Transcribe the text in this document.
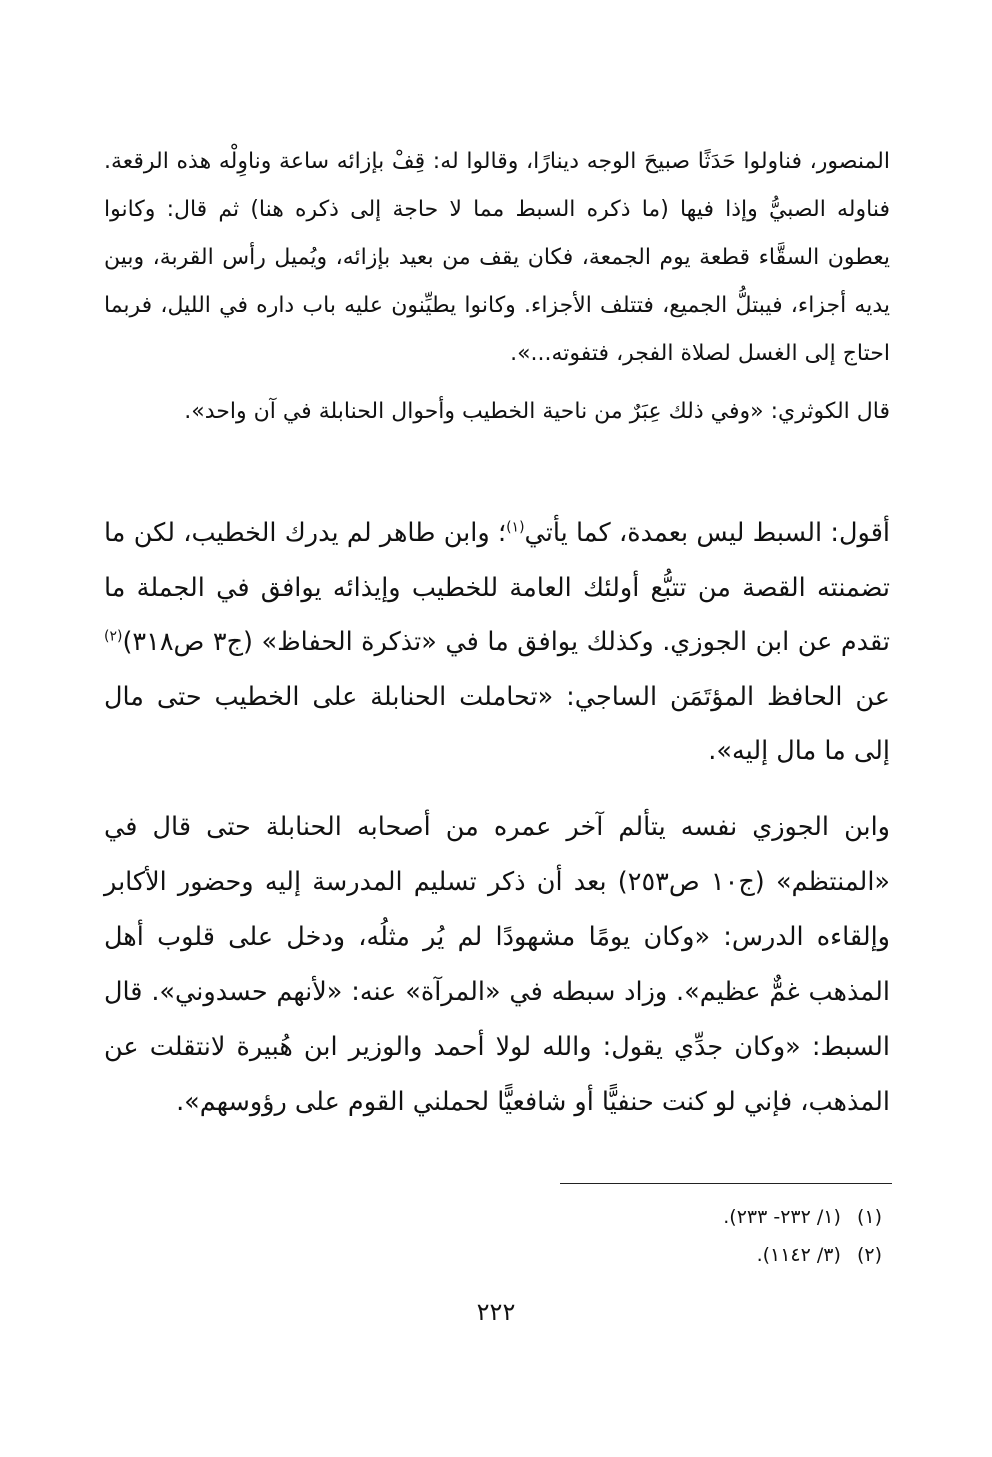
المنصور، فناولوا حَدَثًا صبيحَ الوجه دينارًا، وقالوا له: قِفْ بإزائه ساعة وناوِلْه هذه الرقعة. فناوله الصبيُّ وإذا فيها (ما ذكره السبط مما لا حاجة إلى ذكره هنا) ثم قال: وكانوا يعطون السقَّاء قطعة يوم الجمعة، فكان يقف من بعيد بإزائه، ويُميل رأس القربة، وبين يديه أجزاء، فيبتلُّ الجميع، فتتلف الأجزاء. وكانوا يطيِّنون عليه باب داره في الليل، فربما احتاج إلى الغسل لصلاة الفجر، فتفوته...».

قال الكوثري: «وفي ذلك عِبَرٌ من ناحية الخطيب وأحوال الحنابلة في آن واحد».

أقول: السبط ليس بعمدة، كما يأتي$^{(١)}$؛ وابن طاهر لم يدرك الخطيب، لكن ما تضمنته القصة من تتبُّع أولئك العامة للخطيب وإيذائه يوافق في الجملة ما تقدم عن ابن الجوزي. وكذلك يوافق ما في «تذكرة الحفاظ» (ج٣ ص٣١٨)$^{(٢)}$ عن الحافظ المؤتَمَن الساجي: «تحاملت الحنابلة على الخطيب حتى مال إلى ما مال إليه».

وابن الجوزي نفسه يتألم آخر عمره من أصحابه الحنابلة حتى قال في «المنتظم» (ج١٠ ص٢٥٣) بعد أن ذكر تسليم المدرسة إليه وحضور الأكابر وإلقاءه الدرس: «وكان يومًا مشهودًا لم يُر مثلُه، ودخل على قلوب أهل المذهب غمٌّ عظيم». وزاد سبطه في «المرآة» عنه: «لأنهم حسدوني». قال السبط: «وكان جدِّي يقول: والله لولا أحمد والوزير ابن هُبيرة لانتقلت عن المذهب، فإني لو كنت حنفيًّا أو شافعيًّا لحملني القوم على رؤوسهم».

(١)(١/ ٢٣٢- ٢٣٣).
(٢)(٣/ ١١٤٢).
٢٢٢
